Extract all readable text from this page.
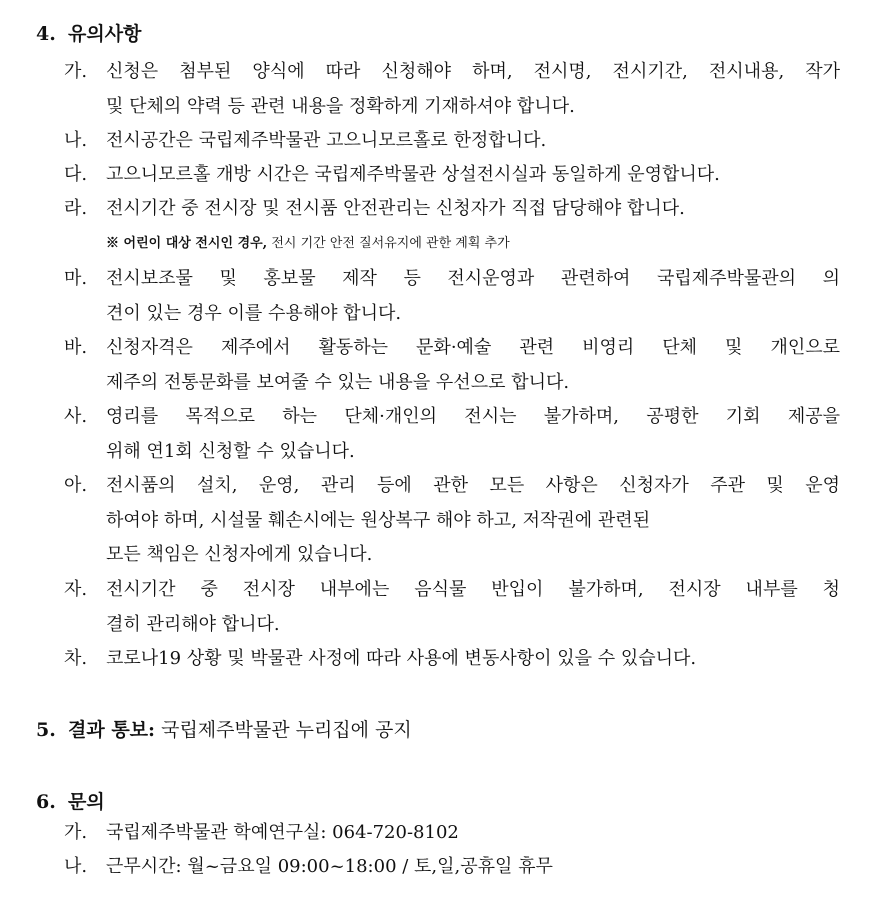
4. 유의사항
가. 신청은 첨부된 양식에 따라 신청해야 하며, 전시명, 전시기간, 전시내용, 작가
및 단체의 약력 등 관련 내용을 정확하게 기재하셔야 합니다.
나. 전시공간은 국립제주박물관 고으니모르홀로 한정합니다.
다. 고으니모르홀 개방 시간은 국립제주박물관 상설전시실과 동일하게 운영합니다.
라. 전시기간 중 전시장 및 전시품 안전관리는 신청자가 직접 담당해야 합니다.
※ 어린이 대상 전시인 경우, 전시 기간 안전 질서유지에 관한 계획 추가
마. 전시보조물 및 홍보물 제작 등 전시운영과 관련하여 국립제주박물관의 의
견이 있는 경우 이를 수용해야 합니다.
바. 신청자격은 제주에서 활동하는 문화·예술 관련 비영리 단체 및 개인으로
제주의 전통문화를 보여줄 수 있는 내용을 우선으로 합니다.
사. 영리를 목적으로 하는 단체·개인의 전시는 불가하며, 공평한 기회 제공을
위해 연1회 신청할 수 있습니다.
아. 전시품의 설치, 운영, 관리 등에 관한 모든 사항은 신청자가 주관 및 운영
하여야 하며, 시설물 훼손시에는 원상복구 해야 하고, 저작권에 관련된
모든 책임은 신청자에게 있습니다.
자. 전시기간 중 전시장 내부에는 음식물 반입이 불가하며, 전시장 내부를 청
결히 관리해야 합니다.
차. 코로나19 상황 및 박물관 사정에 따라 사용에 변동사항이 있을 수 있습니다.
5. 결과 통보: 국립제주박물관 누리집에 공지
6. 문의
가. 국립제주박물관 학예연구실: 064-720-8102
나. 근무시간: 월~금요일 09:00~18:00 / 토,일,공휴일 휴무
